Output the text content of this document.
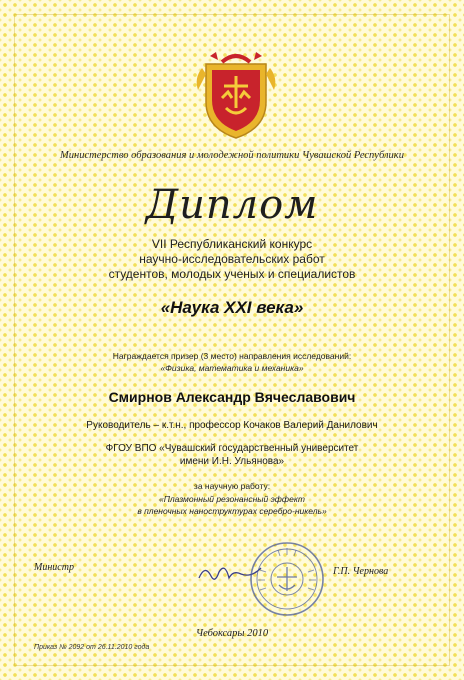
Министерство образования и молодежной политики Чувашской Республики
Диплом
VII Республиканский конкурс
научно-исследовательских работ
студентов, молодых ученых и специалистов
«Наука XXI века»
Награждается призер (3 место) направления исследований:
«Физика, математика и механика»
Смирнов Александр Вячеславович
Руководитель – к.т.н., профессор Кочаков Валерий Данилович
ФГОУ ВПО «Чувашский государственный университет
имени И.Н. Ульянова»
за научную работу:
«Плазмонный резонансный эффект
в пленочных наноструктурах серебро-никель»
Министр	Г.П. Чернова
Чебоксары 2010
Приказ № 2092 от 26.11.2010 года
